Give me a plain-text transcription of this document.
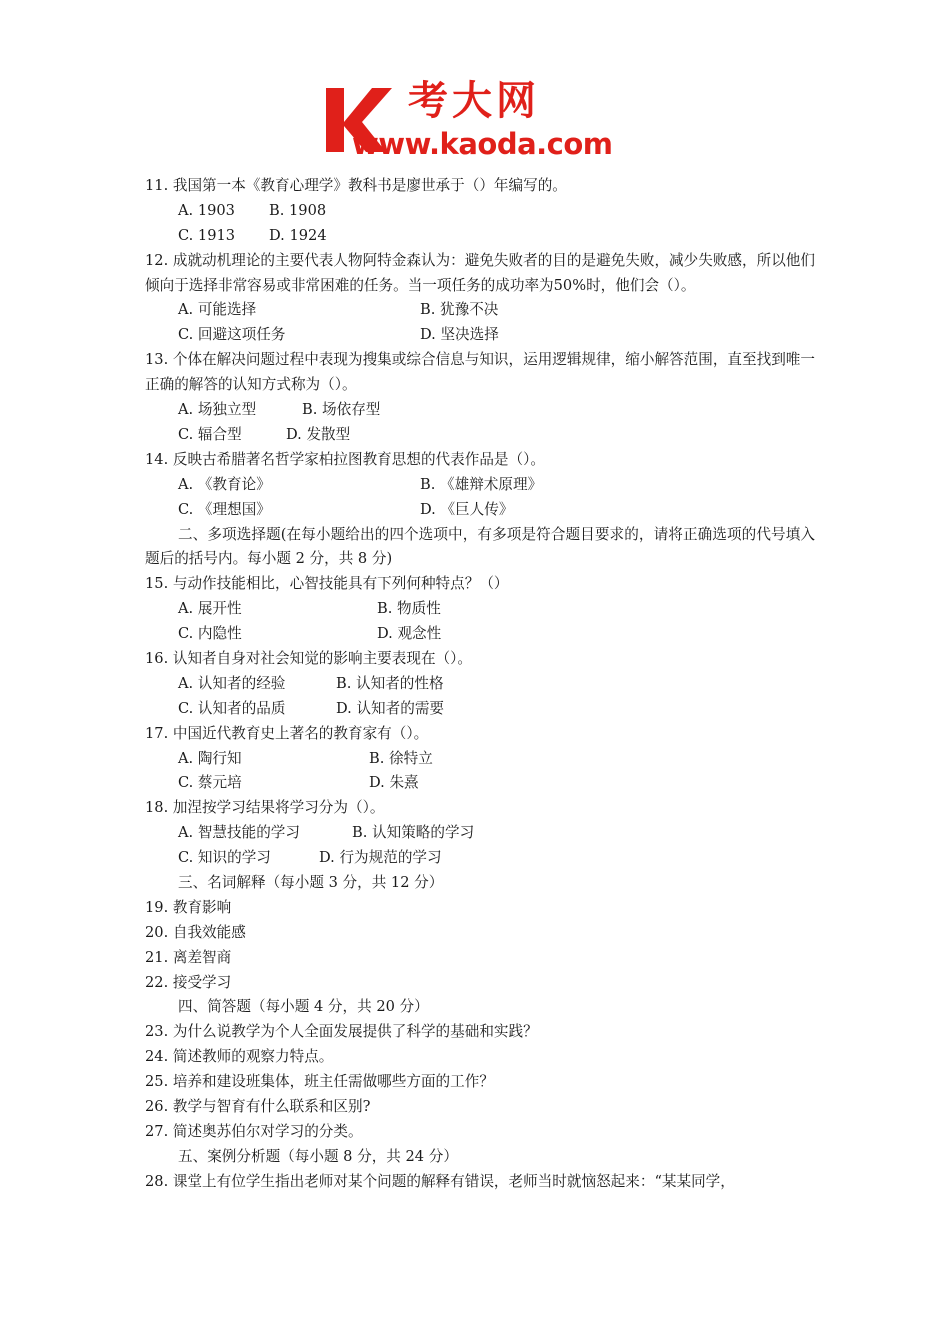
考大网
www.kaoda.com
11. 我国第一本《教育心理学》教科书是廖世承于（）年编写的。
A. 1903 B. 1908
C. 1913 D. 1924
12. 成就动机理论的主要代表人物阿特金森认为：避免失败者的目的是避免失败，减少失败感，所以他们倾向于选择非常容易或非常困难的任务。当一项任务的成功率为50%时，他们会（）。
A. 可能选择	B. 犹豫不决
C. 回避这项任务	D. 坚决选择
13. 个体在解决问题过程中表现为搜集或综合信息与知识，运用逻辑规律，缩小解答范围，直至找到唯一正确的解答的认知方式称为（）。
A. 场独立型	B. 场依存型
C. 辐合型	D. 发散型
14. 反映古希腊著名哲学家柏拉图教育思想的代表作品是（）。
A. 《教育论》	B. 《雄辩术原理》
C. 《理想国》	D. 《巨人传》
二、多项选择题(在每小题给出的四个选项中，有多项是符合题目要求的，请将正确选项的代号填入题后的括号内。每小题 2 分，共 8 分)
15. 与动作技能相比，心智技能具有下列何种特点？（）
A. 展开性	B. 物质性
C. 内隐性	D. 观念性
16. 认知者自身对社会知觉的影响主要表现在（）。
A. 认知者的经验	B. 认知者的性格
C. 认知者的品质	D. 认知者的需要
17. 中国近代教育史上著名的教育家有（）。
A. 陶行知	B. 徐特立
C. 蔡元培	D. 朱熹
18. 加涅按学习结果将学习分为（）。
A. 智慧技能的学习	B. 认知策略的学习
C. 知识的学习	D. 行为规范的学习
三、名词解释（每小题 3 分，共 12 分）
19. 教育影响
20. 自我效能感
21. 离差智商
22. 接受学习
四、简答题（每小题 4 分，共 20 分）
23. 为什么说教学为个人全面发展提供了科学的基础和实践？
24. 简述教师的观察力特点。
25. 培养和建设班集体，班主任需做哪些方面的工作？
26. 教学与智育有什么联系和区别?
27. 简述奥苏伯尔对学习的分类。
五、案例分析题（每小题 8 分，共 24 分）
28. 课堂上有位学生指出老师对某个问题的解释有错误，老师当时就恼怒起来：“某某同学，
